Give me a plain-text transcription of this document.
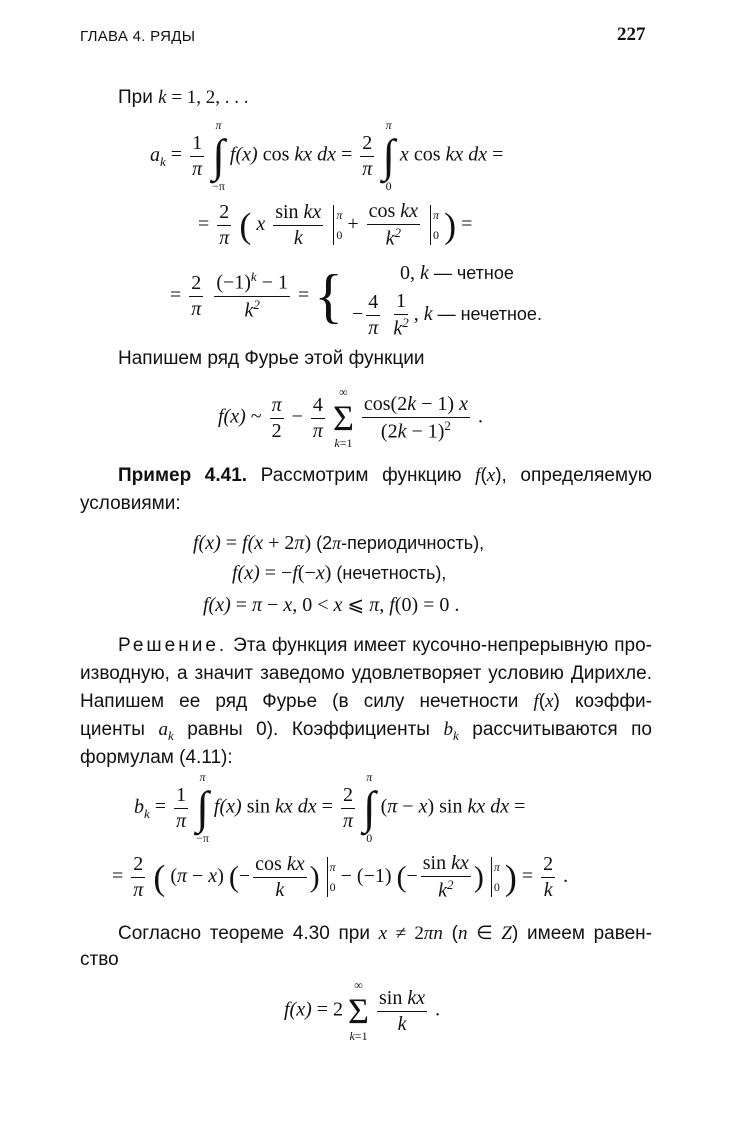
ГЛАВА 4. РЯДЫ	227
При k = 1, 2, . . .
$a_k = \frac{1}{\pi}$

π
∫
−π
f(x) cos kx dx = $\frac{2}{\pi}$

π
∫
0
x cos kx dx =
= $\frac{2}{\pi}$ ( x $\frac{\text{sin kx}}{k}$
π
0
+ $\frac{\text{cos kx}}{k^2}$
π
0 ) =
= $\frac{2}{\pi}$
$\frac{(-1)^k - 1}{k^2}$ = {	0, k — четное
− $\frac{4}{\pi}$
$\frac{1}{k^2}$ , k — нечетное.
Напишем ряд Фурье этой функции
f(x) ~ $\frac{\pi}{2} - \frac{4}{\pi}$

∞
Σ
k=1
$\frac{\cos(2k - 1) x}{(2k - 1)^2}$ .
Пример 4.41. Рассмотрим функцию f(x), определяемую
условиями:
f(x) = f(x + 2π) (2π-периодичность),
f(x) = −f(−x) (нечетность),
f(x) = π − x, 0 < x ⩽ π, f(0) = 0 .
Решение. Эта функция имеет кусочно-непрерывную про-
изводную, а значит заведомо удовлетворяет условию Дирихле.
Напишем ее ряд Фурье (в силу нечетности f(x) коэффи-
циенты $a_k$ равны 0). Коэффициенты $b_k$ рассчитываются по
формулам (4.11):
$b_k = \frac{1}{\pi}$

π
∫
−π
f(x) sin kx dx = $\frac{2}{\pi}$

π
∫
0
(π − x) sin kx dx =
= $\frac{2}{\pi}$ ( (π − x) (− $\frac{\text{cos kx}}{k}$ ) π
0
− (−1) (− $\frac{\text{sin kx}}{k^2}$ ) π
0 ) = $\frac{2}{k}$ .
Согласно теореме 4.30 при x ≠ 2πn (n ∈ Z) имеем равен-
ство
f(x) = 2
∞
Σ
k=1

$\frac{\text{sin kx}}{k}$ .
